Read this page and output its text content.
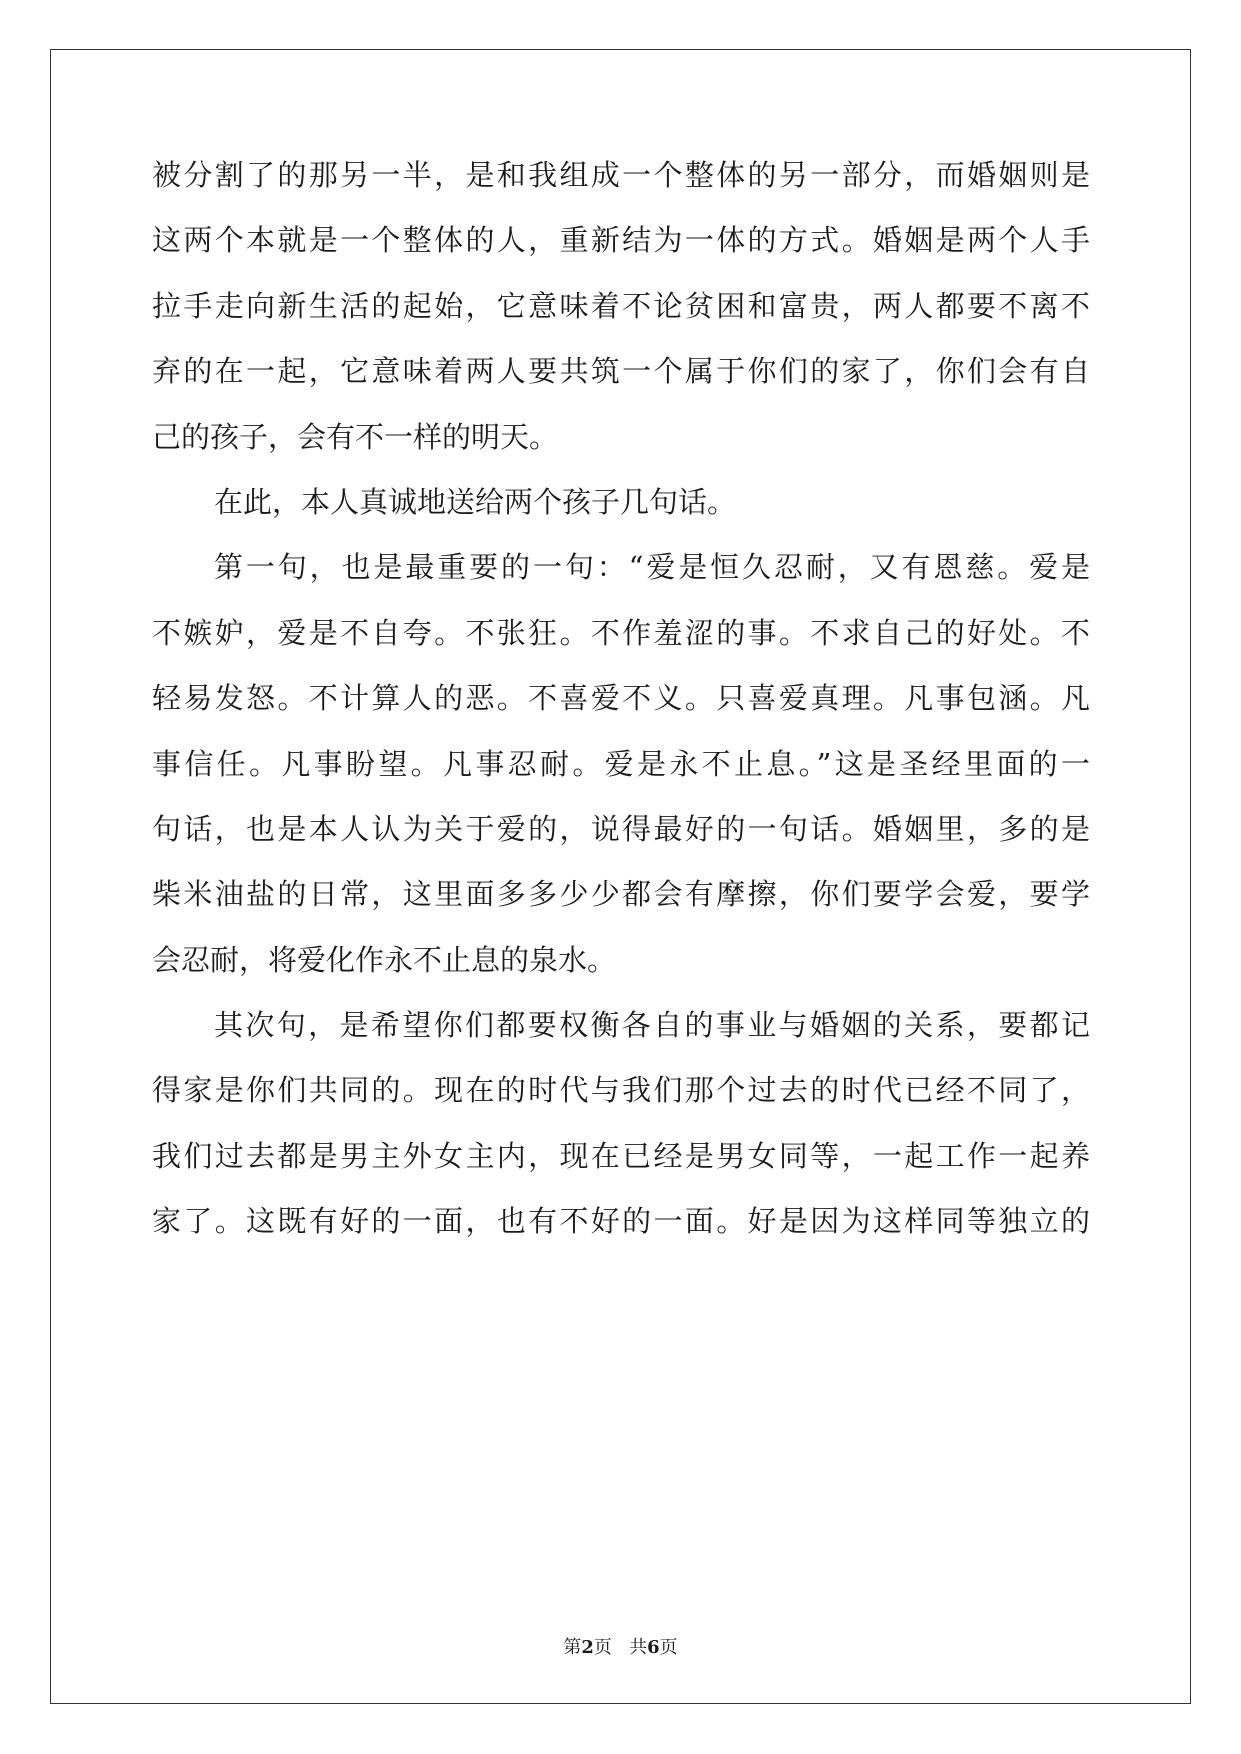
被分割了的那另一半，是和我组成一个整体的另一部分，而婚姻则是
这两个本就是一个整体的人，重新结为一体的方式。婚姻是两个人手
拉手走向新生活的起始，它意味着不论贫困和富贵，两人都要不离不
弃的在一起，它意味着两人要共筑一个属于你们的家了，你们会有自
己的孩子，会有不一样的明天。
在此，本人真诚地送给两个孩子几句话。
第一句，也是最重要的一句：“爱是恒久忍耐，又有恩慈。爱是
不嫉妒，爱是不自夸。不张狂。不作羞涩的事。不求自己的好处。不
轻易发怒。不计算人的恶。不喜爱不义。只喜爱真理。凡事包涵。凡
事信任。凡事盼望。凡事忍耐。爱是永不止息。”这是圣经里面的一
句话，也是本人认为关于爱的，说得最好的一句话。婚姻里，多的是
柴米油盐的日常，这里面多多少少都会有摩擦，你们要学会爱，要学
会忍耐，将爱化作永不止息的泉水。
其次句，是希望你们都要权衡各自的事业与婚姻的关系，要都记
得家是你们共同的。现在的时代与我们那个过去的时代已经不同了，
我们过去都是男主外女主内，现在已经是男女同等，一起工作一起养
家了。这既有好的一面，也有不好的一面。好是因为这样同等独立的
第2页 共6页
